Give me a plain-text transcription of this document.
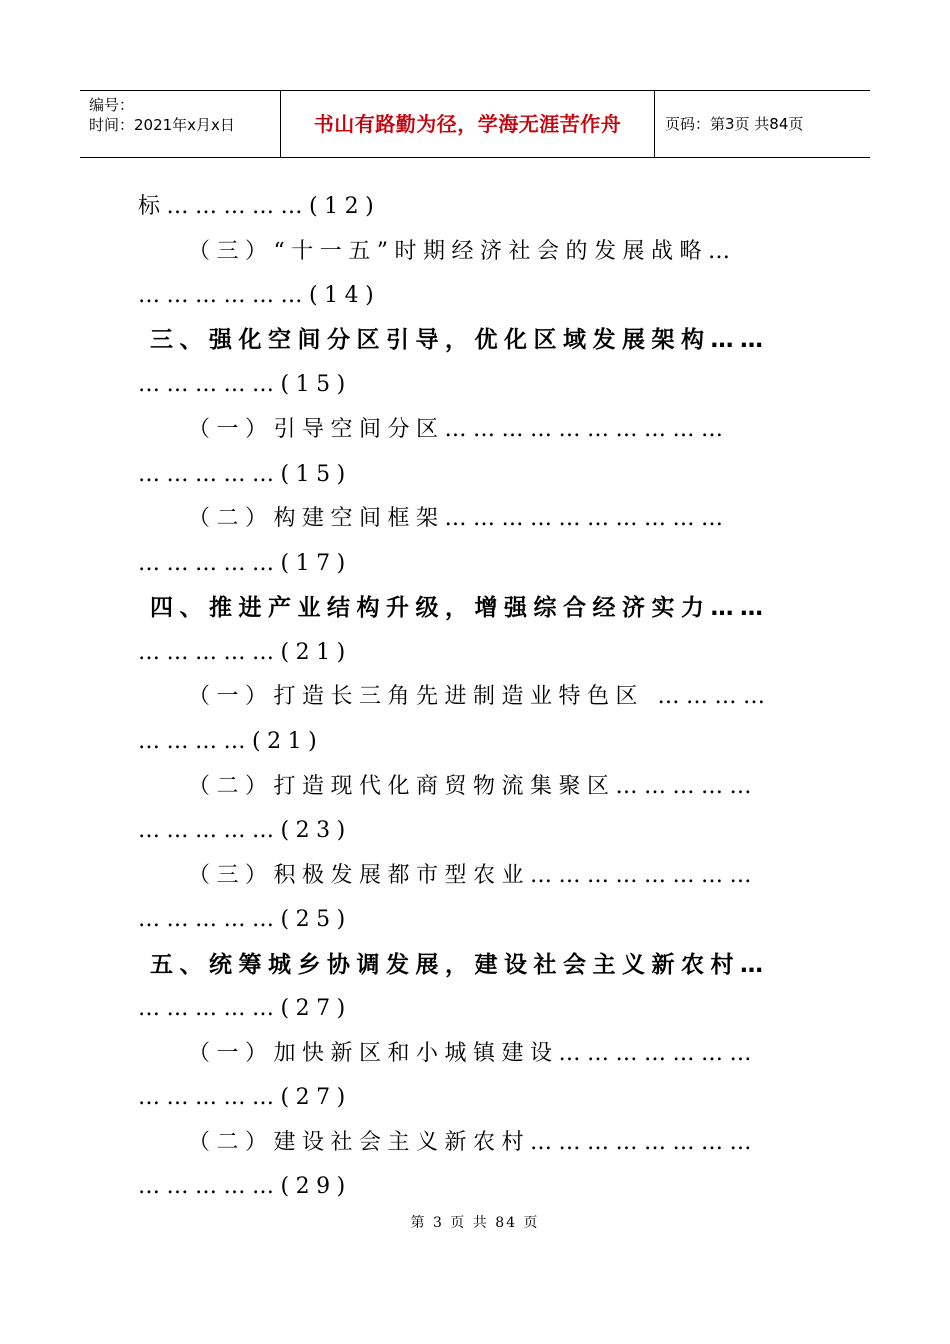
编号：
时间：2021年x月x日	书山有路勤为径，学海无涯苦作舟	页码：第3页 共84页
标……………(12)
（三）“十一五”时期经济社会的发展战略…
………………(14)
三、强化空间分区引导，优化区域发展架构……
……………(15)
（一）引导空间分区…………………………
……………(15)
（二）构建空间框架…………………………
……………(17)
四、推进产业结构升级，增强综合经济实力……
……………(21)
（一）打造长三角先进制造业特色区 …………
…………(21)
（二）打造现代化商贸物流集聚区……………
……………(23)
（三）积极发展都市型农业……………………
……………(25)
五、统筹城乡协调发展，建设社会主义新农村…
……………(27)
（一）加快新区和小城镇建设…………………
……………(27)
（二）建设社会主义新农村……………………
……………(29)
第 3 页 共 84 页
